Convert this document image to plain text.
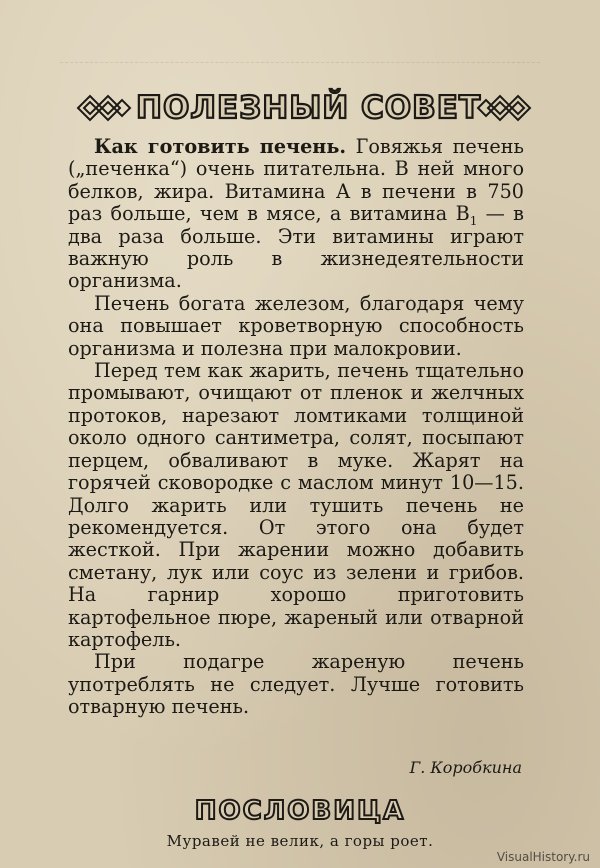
ПОЛЕЗНЫЙ СОВЕТ

Как готовить печень. Говяжья печень („печенка“) очень питательна. В ней много белков, жира. Витамина А в печени в 750 раз больше, чем в мясе, а витамина $B_1$ — в два раза больше. Эти витамины играют важную роль в жизнедеятельности организма.

Печень богата железом, благодаря чему она повышает кроветворную способность организма и полезна при малокровии.

Перед тем как жарить, печень тщательно промывают, очищают от пленок и желчных протоков, нарезают ломтиками толщиной около одного сантиметра, солят, посыпают перцем, обваливают в муке. Жарят на горячей сковородке с маслом минут 10—15. Долго жарить или тушить печень не рекомендуется. От этого она будет жесткой. При жарении можно добавить сметану, лук или соус из зелени и грибов. На гарнир хорошо приготовить картофельное пюре, жареный или отварной картофель.

При подагре жареную печень употреблять не следует. Лучше готовить отварную печень.

Г. Коробкина
ПОСЛОВИЦА
Муравей не велик, а горы роет.
VisualHistory.ru
